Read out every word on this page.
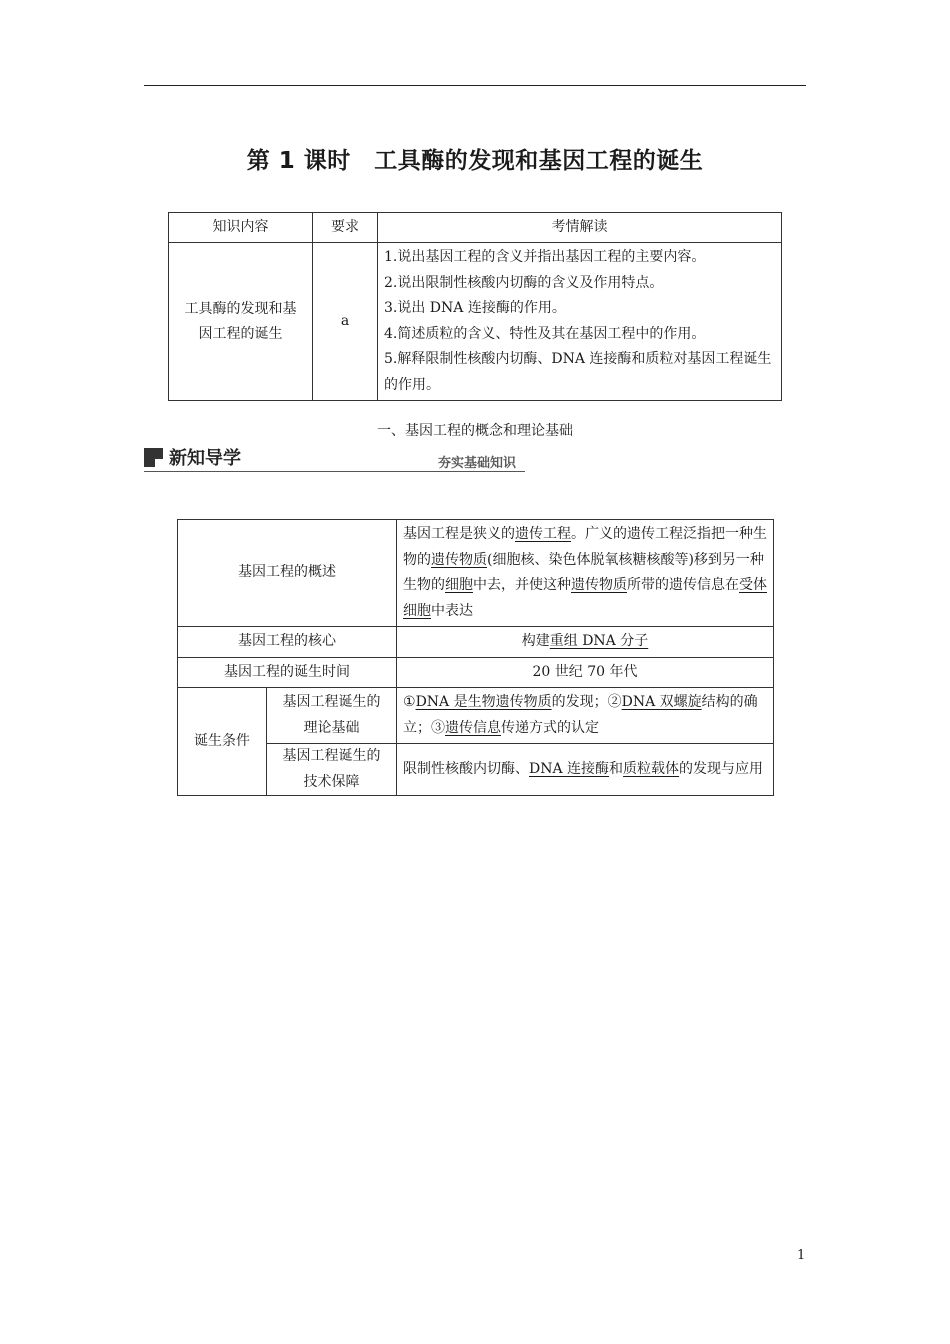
第 1 课时　工具酶的发现和基因工程的诞生
知识内容	要求	考情解读
工具酶的发现和基因工程的诞生	a	1.说出基因工程的含义并指出基因工程的主要内容。
2.说出限制性核酸内切酶的含义及作用特点。
3.说出 DNA 连接酶的作用。
4.简述质粒的含义、特性及其在基因工程中的作用。
5.解释限制性核酸内切酶、DNA 连接酶和质粒对基因工程诞生的作用。
一、基因工程的概念和理论基础
新知导学	夯实基础知识
基因工程的概述		基因工程是狭义的遗传工程。广义的遗传工程泛指把一种生物的遗传物质(细胞核、染色体脱氧核糖核酸等)移到另一种生物的细胞中去，并使这种遗传物质所带的遗传信息在受体细胞中表达
基因工程的核心		构建重组 DNA 分子
基因工程的诞生时间		20 世纪 70 年代
诞生条件	基因工程诞生的理论基础	①DNA 是生物遗传物质的发现；②DNA 双螺旋结构的确立；③遗传信息传递方式的认定
	基因工程诞生的技术保障	限制性核酸内切酶、DNA 连接酶和质粒载体的发现与应用
1
